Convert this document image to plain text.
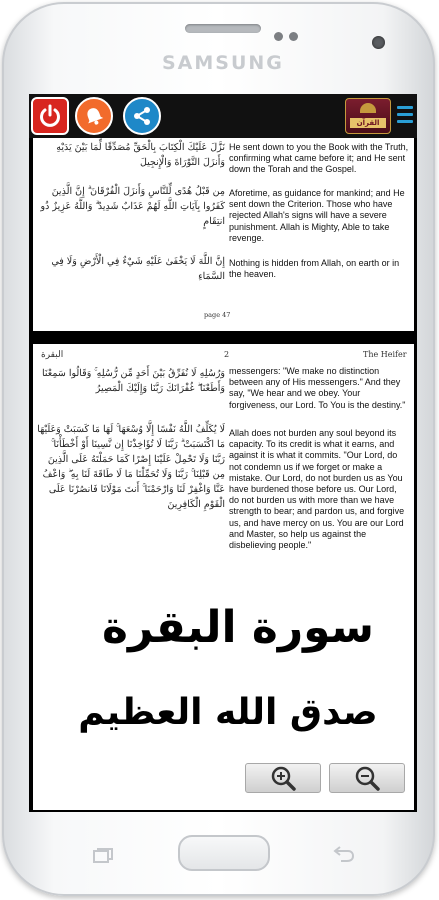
SAMSUNG
القرآن
نَزَّلَ عَلَيْكَ الْكِتَابَ بِالْحَقِّ مُصَدِّقًا لِّمَا بَيْنَ يَدَيْهِ وَأَنزَلَ التَّوْرَاةَ وَالْإِنجِيلَ
مِن قَبْلُ هُدًى لِّلنَّاسِ وَأَنزَلَ الْفُرْقَانَ ۗ إِنَّ الَّذِينَ كَفَرُوا بِآيَاتِ اللَّهِ لَهُمْ عَذَابٌ شَدِيدٌ ۗ وَاللَّهُ عَزِيزٌ ذُو انتِقَامٍ
إِنَّ اللَّهَ لَا يَخْفَىٰ عَلَيْهِ شَيْءٌ فِي الْأَرْضِ وَلَا فِي السَّمَاءِ
He sent down to you the Book with the Truth, confirming what came before it; and He sent down the Torah and the Gospel.
Aforetime, as guidance for mankind; and He sent down the Criterion. Those who have rejected Allah's signs will have a severe punishment. Allah is Mighty, Able to take revenge.
Nothing is hidden from Allah, on earth or in the heaven.
page 47
البقرة	2	The Heifer
وَرُسُلِهِ لَا نُفَرِّقُ بَيْنَ أَحَدٍ مِّن رُّسُلِهِ ۚ وَقَالُوا سَمِعْنَا وَأَطَعْنَا ۖ غُفْرَانَكَ رَبَّنَا وَإِلَيْكَ الْمَصِيرُ
لَا يُكَلِّفُ اللَّهُ نَفْسًا إِلَّا وُسْعَهَا ۚ لَهَا مَا كَسَبَتْ وَعَلَيْهَا مَا اكْتَسَبَتْ ۗ رَبَّنَا لَا تُؤَاخِذْنَا إِن نَّسِينَا أَوْ أَخْطَأْنَا ۚ رَبَّنَا وَلَا تَحْمِلْ عَلَيْنَا إِصْرًا كَمَا حَمَلْتَهُ عَلَى الَّذِينَ مِن قَبْلِنَا ۚ رَبَّنَا وَلَا تُحَمِّلْنَا مَا لَا طَاقَةَ لَنَا بِهِ ۖ وَاعْفُ عَنَّا وَاغْفِرْ لَنَا وَارْحَمْنَا ۚ أَنتَ مَوْلَانَا فَانصُرْنَا عَلَى الْقَوْمِ الْكَافِرِينَ
messengers: "We make no distinction between any of His messengers." And they say, "We hear and we obey. Your forgiveness, our Lord. To You is the destiny."
Allah does not burden any soul beyond its capacity. To its credit is what it earns, and against it is what it commits. "Our Lord, do not condemn us if we forget or make a mistake. Our Lord, do not burden us as You have burdened those before us. Our Lord, do not burden us with more than we have strength to bear; and pardon us, and forgive us, and have mercy on us. You are our Lord and Master, so help us against the disbelieving people."
سورة البقرة
صدق الله العظيم
